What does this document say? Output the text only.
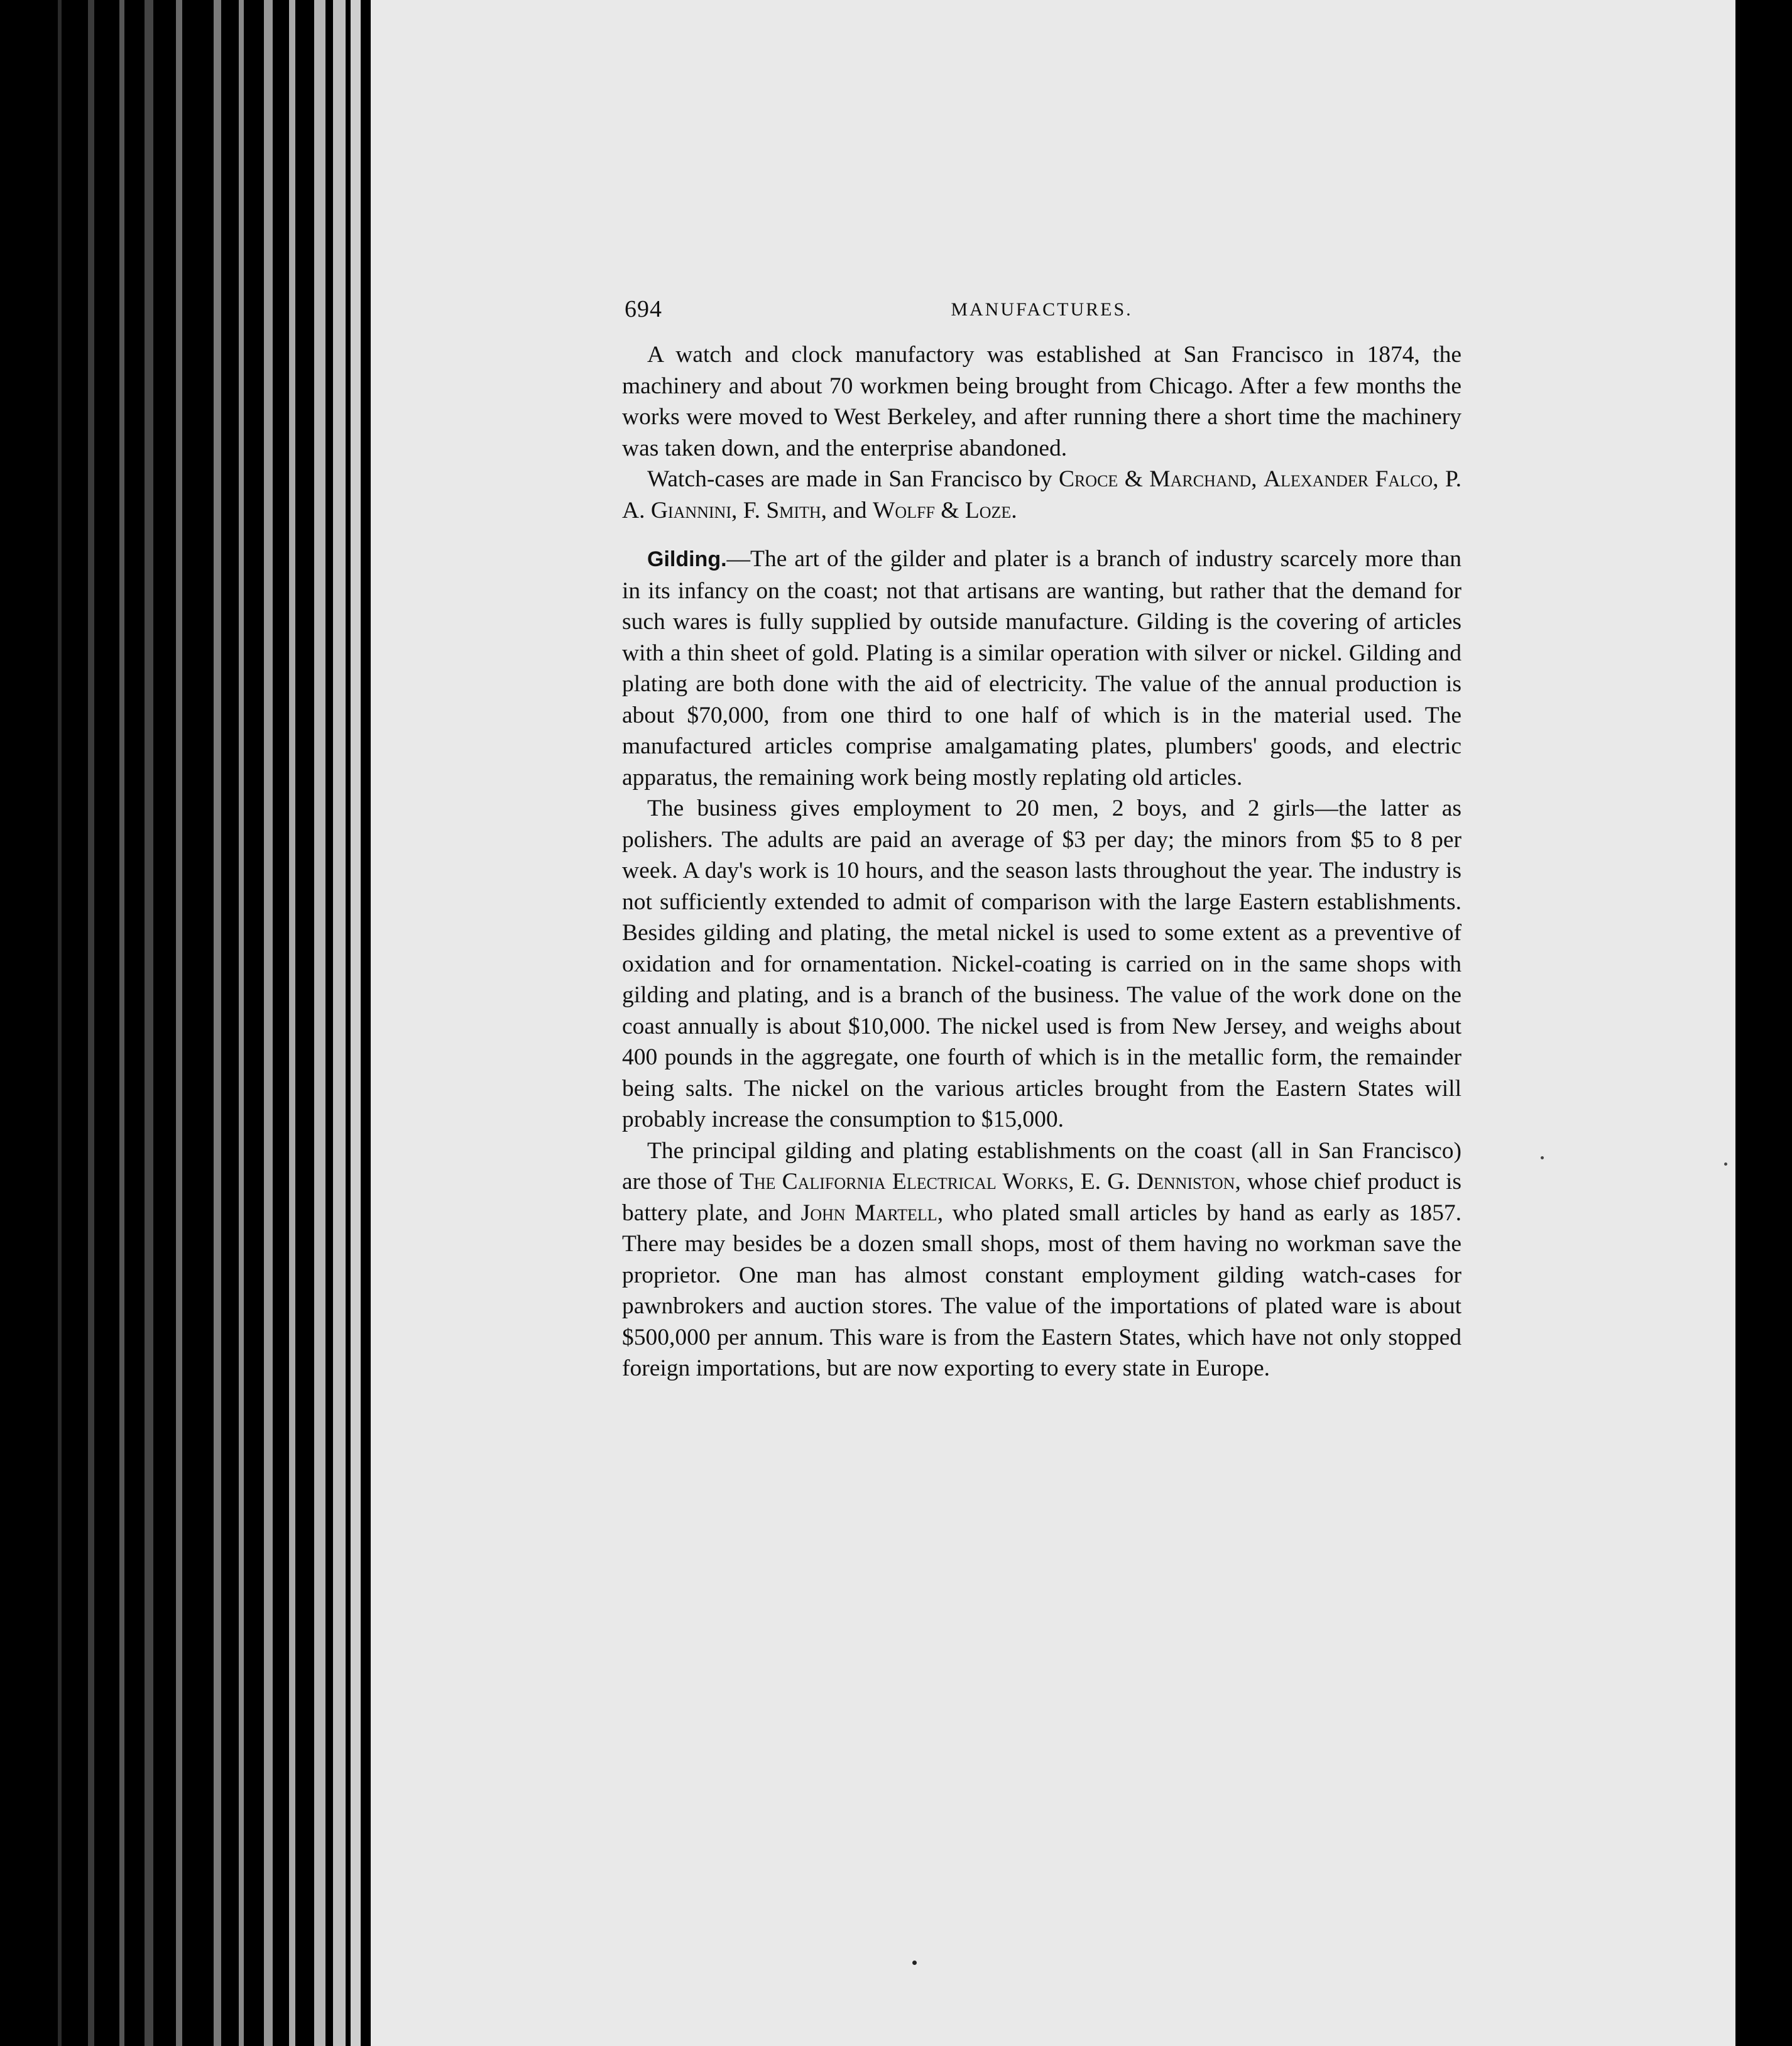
694	MANUFACTURES.

A watch and clock manufactory was established at San Francisco in 1874, the machinery and about 70 workmen being brought from Chicago. After a few months the works were moved to West Berkeley, and after running there a short time the machinery was taken down, and the enterprise abandoned.

Watch-cases are made in San Francisco by Croce & Marchand, Alexander Falco, P. A. Giannini, F. Smith, and Wolff & Loze.

Gilding.—The art of the gilder and plater is a branch of industry scarcely more than in its infancy on the coast; not that artisans are wanting, but rather that the demand for such wares is fully supplied by outside manufacture. Gilding is the covering of articles with a thin sheet of gold. Plating is a similar operation with silver or nickel. Gilding and plating are both done with the aid of electricity. The value of the annual production is about $70,000, from one third to one half of which is in the material used. The manufactured articles comprise amalgamating plates, plumbers' goods, and electric apparatus, the remaining work being mostly replating old articles.

The business gives employment to 20 men, 2 boys, and 2 girls—the latter as polishers. The adults are paid an average of $3 per day; the minors from $5 to 8 per week. A day's work is 10 hours, and the season lasts throughout the year. The industry is not sufficiently extended to admit of comparison with the large Eastern establishments. Besides gilding and plating, the metal nickel is used to some extent as a preventive of oxidation and for ornamentation. Nickel-coating is carried on in the same shops with gilding and plating, and is a branch of the business. The value of the work done on the coast annually is about $10,000. The nickel used is from New Jersey, and weighs about 400 pounds in the aggregate, one fourth of which is in the metallic form, the remainder being salts. The nickel on the various articles brought from the Eastern States will probably increase the consumption to $15,000.

The principal gilding and plating establishments on the coast (all in San Francisco) are those of The California Electrical Works, E. G. Denniston, whose chief product is battery plate, and John Martell, who plated small articles by hand as early as 1857. There may besides be a dozen small shops, most of them having no workman save the proprietor. One man has almost constant employment gilding watch-cases for pawnbrokers and auction stores. The value of the importations of plated ware is about $500,000 per annum. This ware is from the Eastern States, which have not only stopped foreign importations, but are now exporting to every state in Europe.
